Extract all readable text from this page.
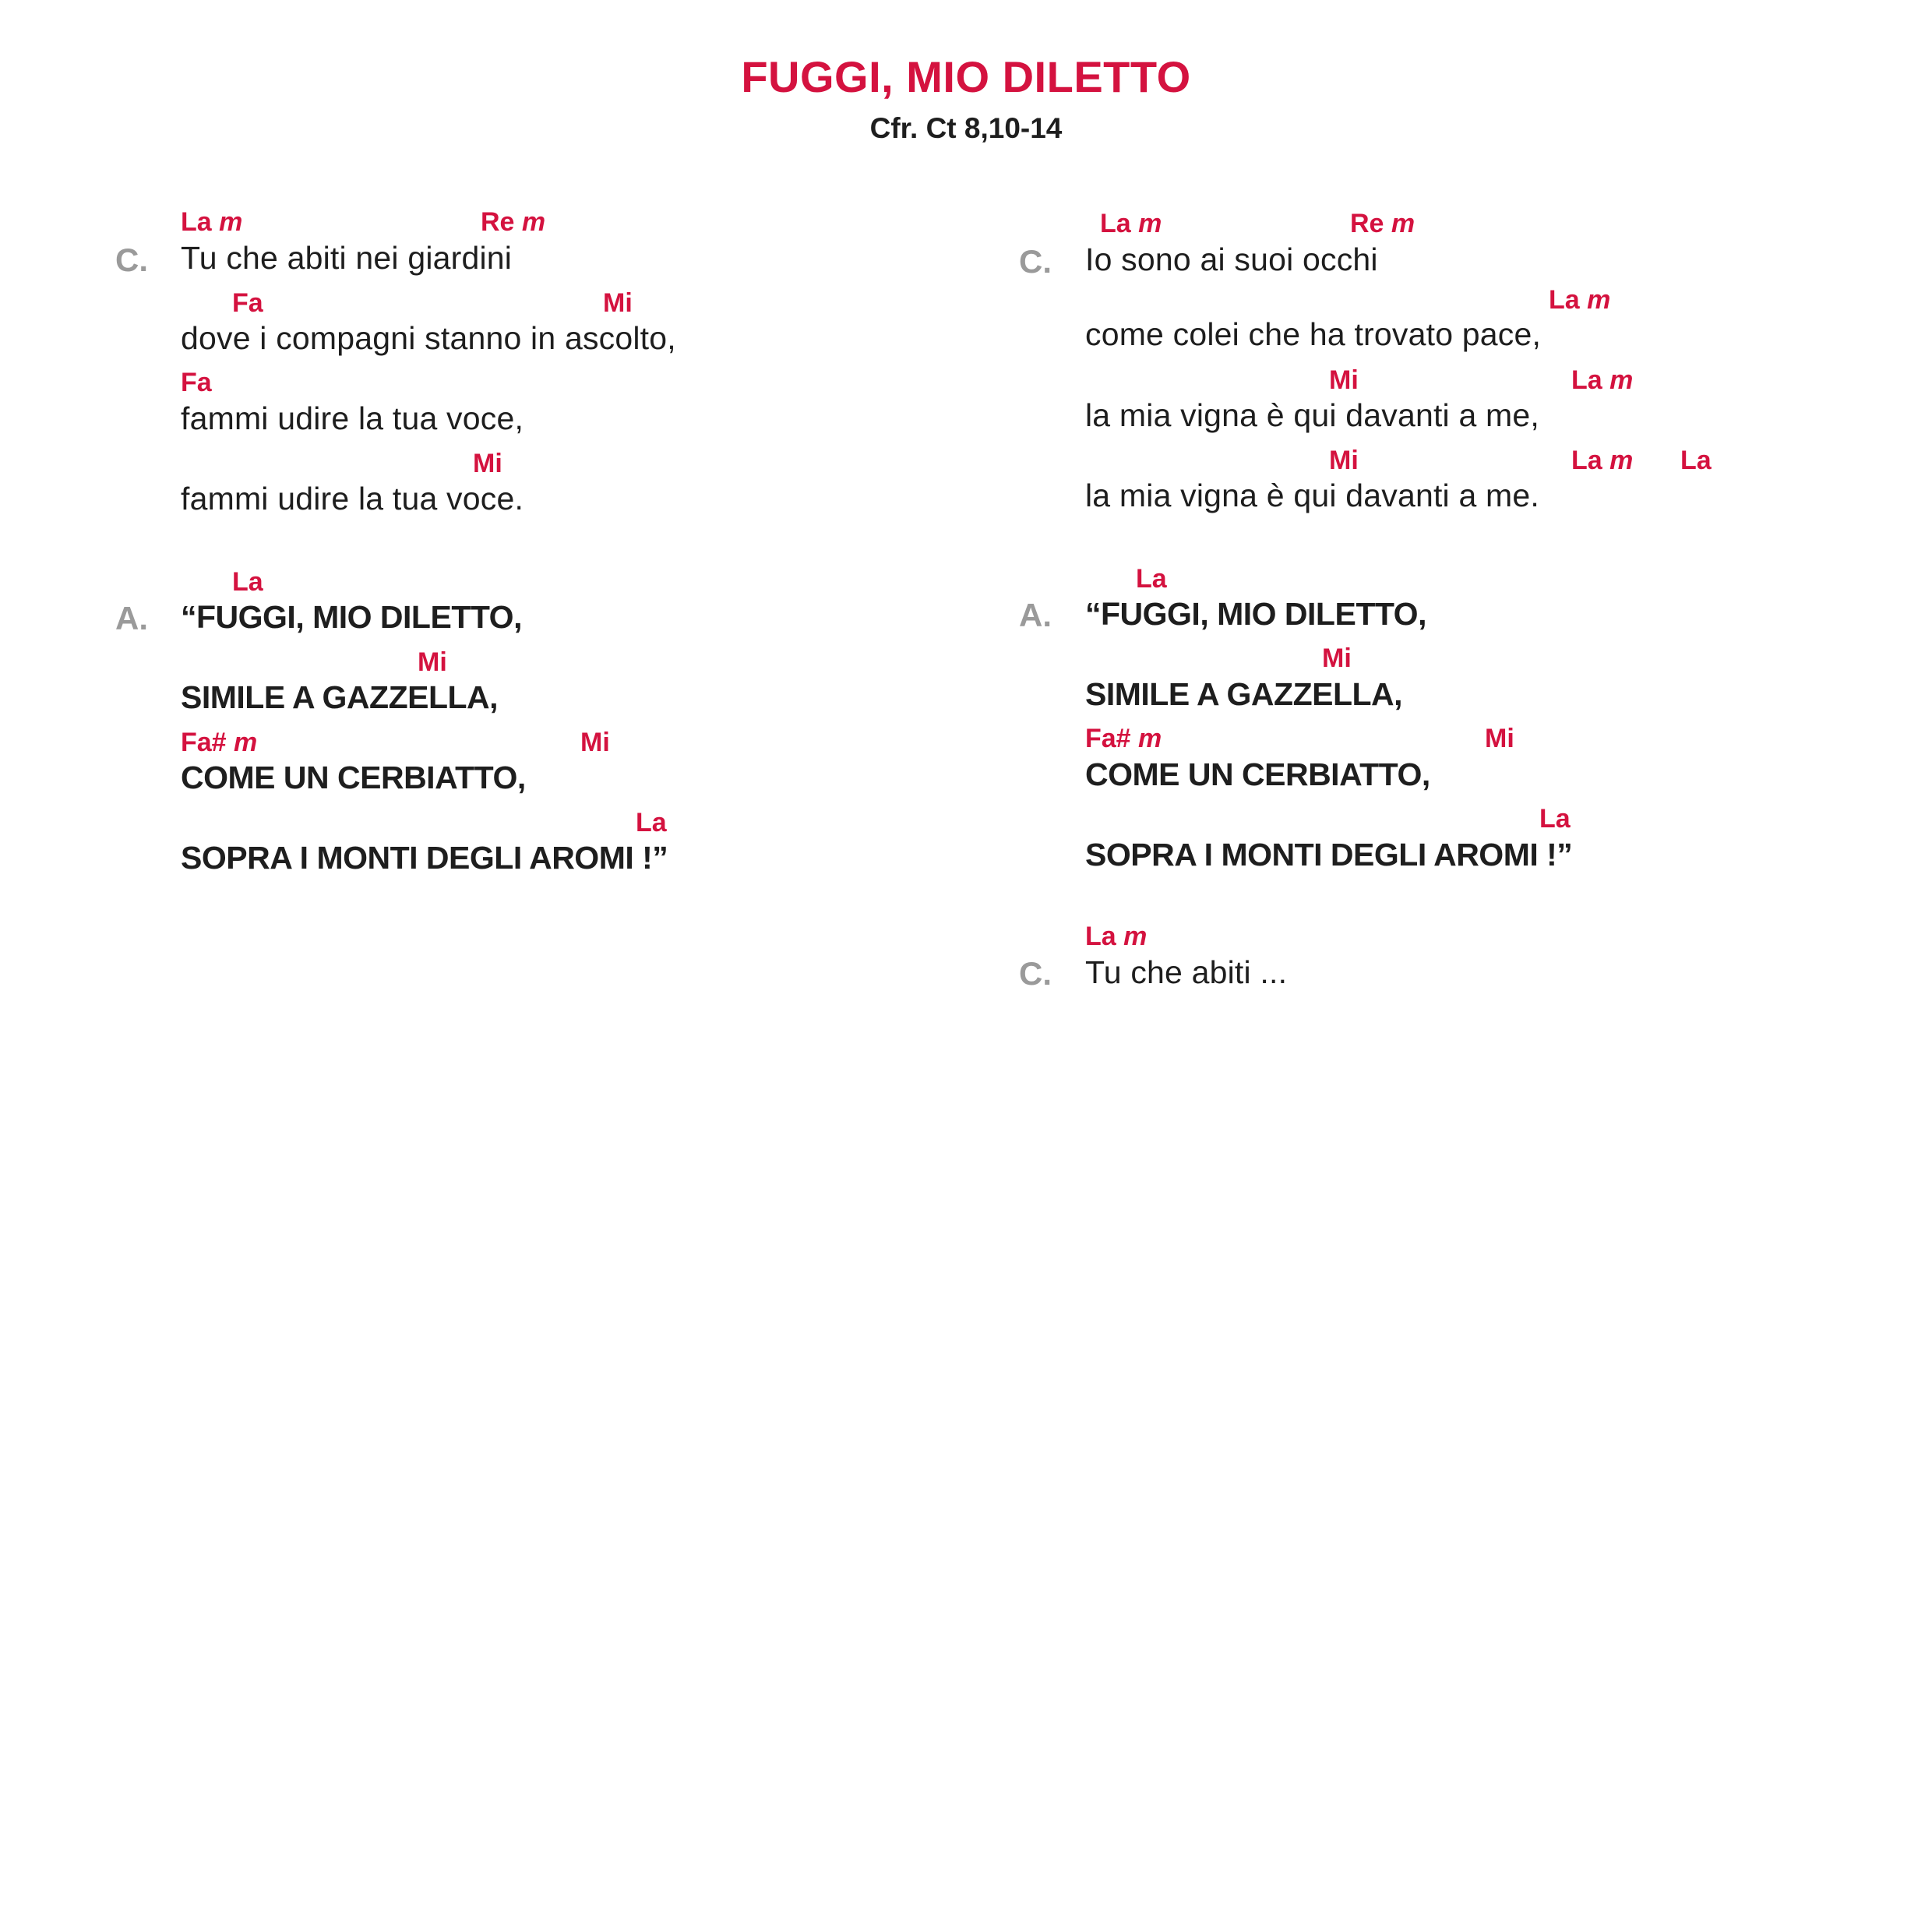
FUGGI, MIO DILETTO
Cfr. Ct 8,10-14
C.
La m	Re m
Tu che abiti nei giardini
Fa	Mi
dove i compagni stanno in ascolto,
Fa
fammi udire la tua voce,
Mi
fammi udire la tua voce.
A.
La
“FUGGI, MIO DILETTO,
Mi
SIMILE A GAZZELLA,
Fa# m	Mi
COME UN CERBIATTO,
La
SOPRA I MONTI DEGLI AROMI !”
C.
La m	Re m
Io sono ai suoi occhi
La m
come colei che ha trovato pace,
Mi	La m
la mia vigna è qui davanti a me,
Mi	La m La
la mia vigna è qui davanti a me.
A.
La
“FUGGI, MIO DILETTO,
Mi
SIMILE A GAZZELLA,
Fa# m	Mi
COME UN CERBIATTO,
La
SOPRA I MONTI DEGLI AROMI !”
C.
La m
Tu che abiti ...
